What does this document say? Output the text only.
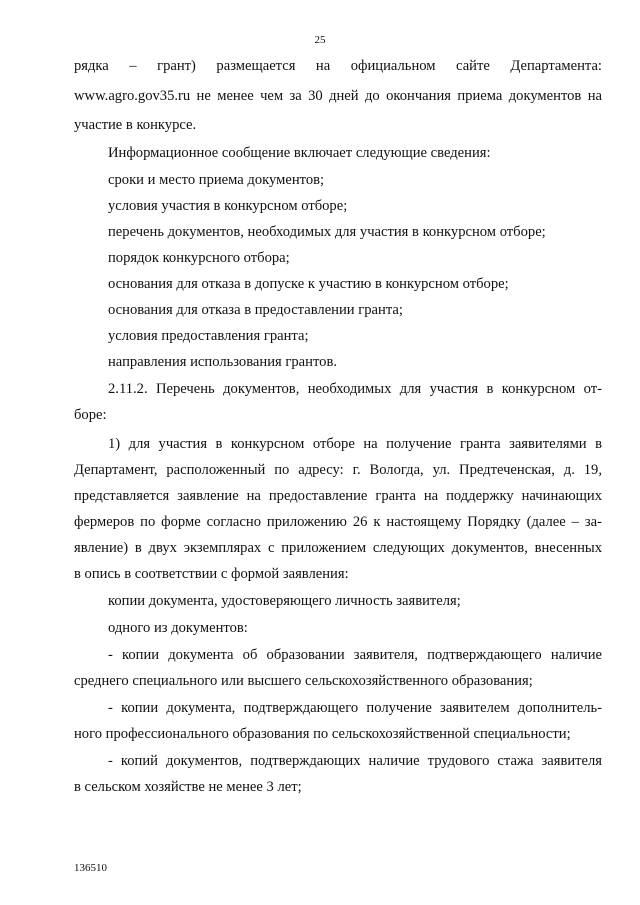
25
рядка – грант) размещается на официальном сайте Департамента:
www.agro.gov35.ru не менее чем за 30 дней до окончания приема документов на
участие в конкурсе.
Информационное сообщение включает следующие сведения:
сроки и место приема документов;
условия участия в конкурсном отборе;
перечень документов, необходимых для участия в конкурсном отборе;
порядок конкурсного отбора;
основания для отказа в допуске к участию в конкурсном отборе;
основания для отказа в предоставлении гранта;
условия предоставления гранта;
направления использования грантов.
2.11.2. Перечень документов, необходимых для участия в конкурсном от-
боре:
1) для участия в конкурсном отборе на получение гранта заявителями в
Департамент, расположенный по адресу: г. Вологда, ул. Предтеченская, д. 19,
представляется заявление на предоставление гранта на поддержку начинающих
фермеров по форме согласно приложению 26 к настоящему Порядку (далее – за-
явление) в двух экземплярах с приложением следующих документов, внесенных
в опись в соответствии с формой заявления:
копии документа, удостоверяющего личность заявителя;
одного из документов:
- копии документа об образовании заявителя, подтверждающего наличие
среднего специального или высшего сельскохозяйственного образования;
- копии документа, подтверждающего получение заявителем дополнитель-
ного профессионального образования по сельскохозяйственной специальности;
- копий документов, подтверждающих наличие трудового стажа заявителя
в сельском хозяйстве не менее 3 лет;
136510
